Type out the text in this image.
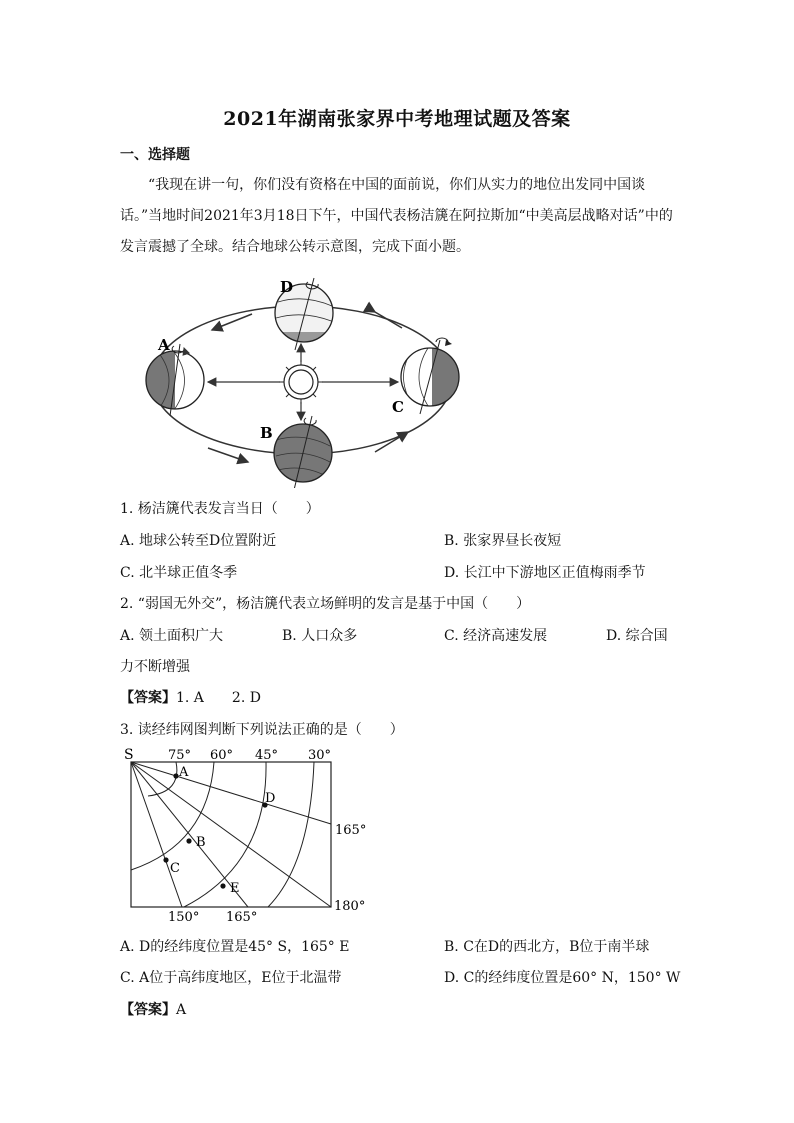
2021年湖南张家界中考地理试题及答案
一、选择题
“我现在讲一句，你们没有资格在中国的面前说，你们从实力的地位出发同中国谈话。”当地时间2021年3月18日下午，中国代表杨洁篪在阿拉斯加“中美高层战略对话”中的发言震撼了全球。结合地球公转示意图，完成下面小题。
A
B
C
D
1. 杨洁篪代表发言当日（　　）
A. 地球公转至D位置附近	B. 张家界昼长夜短
C. 北半球正值冬季	D. 长江中下游地区正值梅雨季节
2. “弱国无外交”，杨洁篪代表立场鲜明的发言是基于中国（　　）
A. 领土面积广大	B. 人口众多	C. 经济高速发展	D. 综合国
力不断增强
【答案】1. A　　2. D
3. 读经纬网图判断下列说法正确的是（　　）
A
B
C
D
E
S	75° 60° 45° 30°
165°
180°
150° 165°
A. D的经纬度位置是45° S，165° E	B. C在D的西北方，B位于南半球
C. A位于高纬度地区，E位于北温带	D. C的经纬度位置是60° N，150° W
【答案】A
